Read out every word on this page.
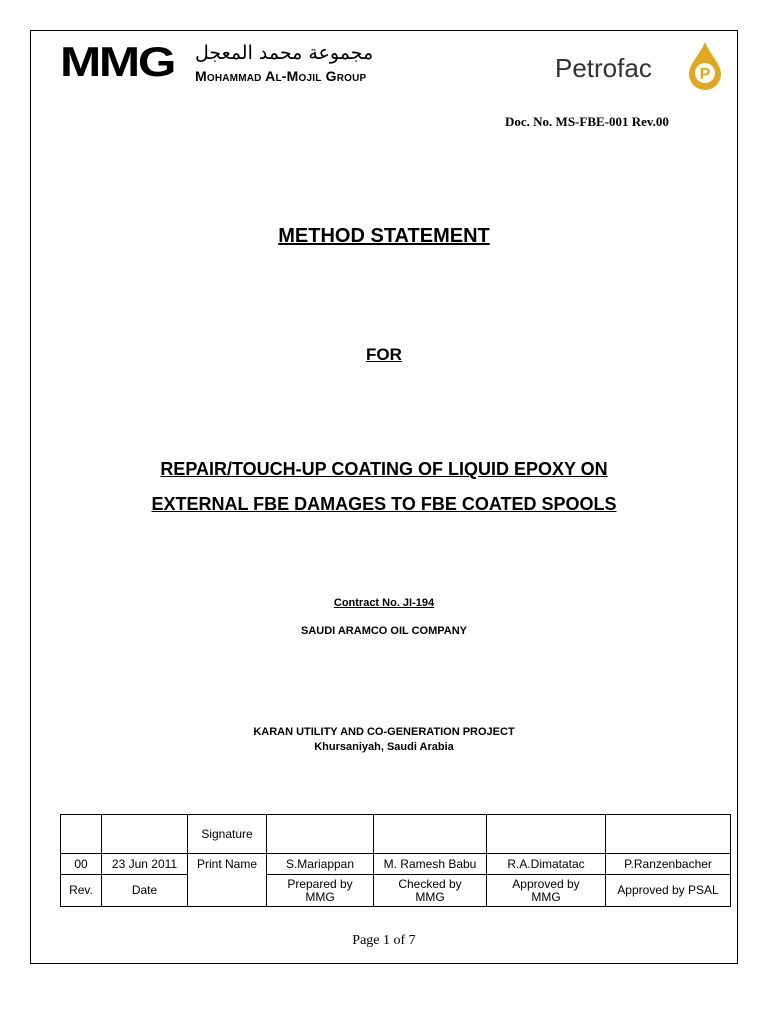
MMG مجموعة محمد المعجل
Mohammad Al-Mojil Group	Petrofac	P
Doc. No. MS-FBE-001 Rev.00
METHOD STATEMENT
FOR
REPAIR/TOUCH-UP COATING OF LIQUID EPOXY ON
EXTERNAL FBE DAMAGES TO FBE COATED SPOOLS
Contract No. JI-194
SAUDI ARAMCO OIL COMPANY
KARAN UTILITY AND CO-GENERATION PROJECT
Khursaniyah, Saudi Arabia
		Signature				
00	23 Jun 2011	Print Name	S.Mariappan	M. Ramesh Babu	R.A.Dimatatac	P.Ranzenbacher
Rev.	Date		Prepared by MMG	Checked by MMG	Approved by MMG	Approved by PSAL
Page 1 of 7
